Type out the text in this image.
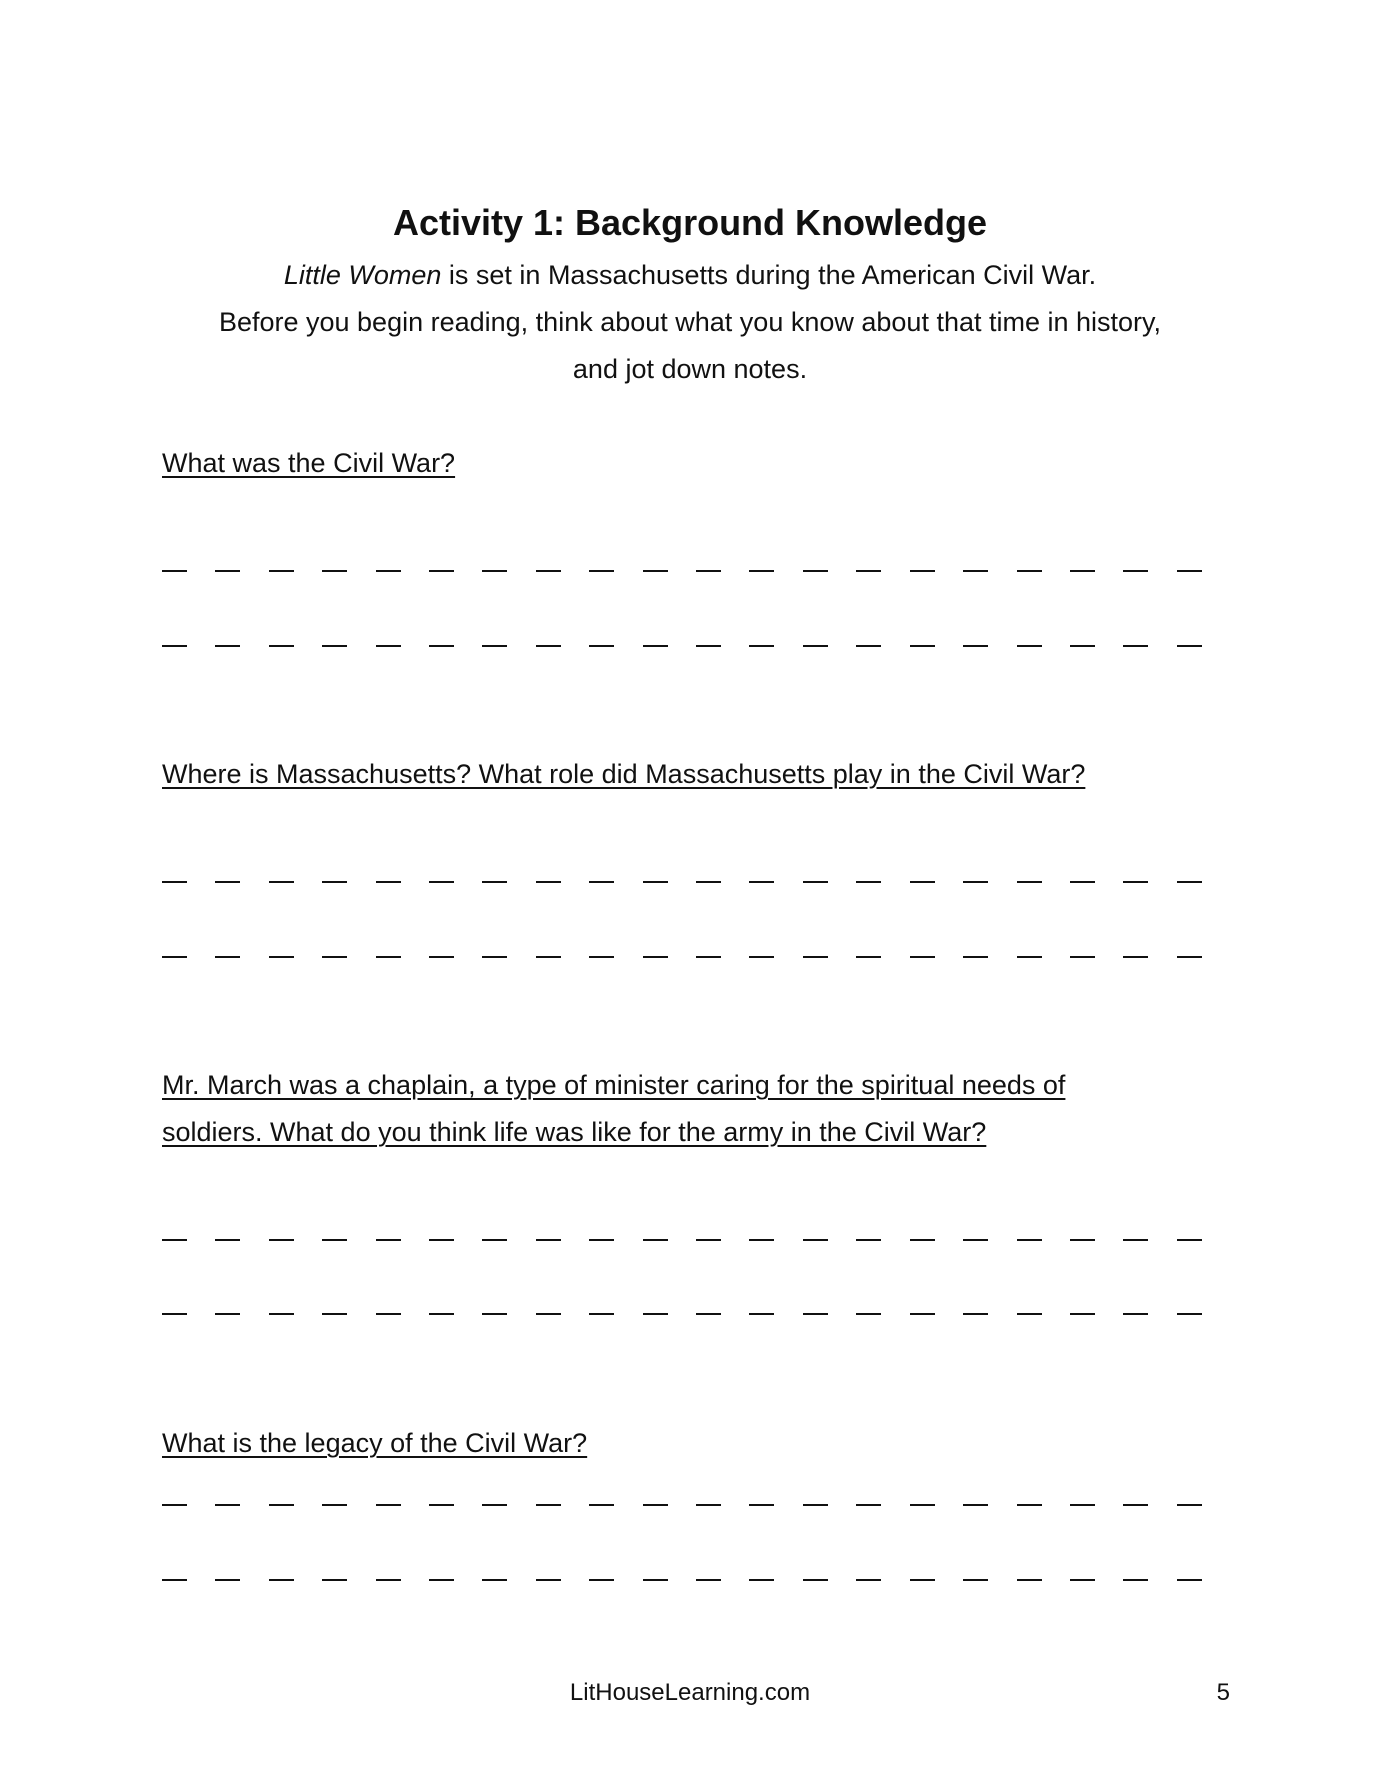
Activity 1: Background Knowledge
Little Women is set in Massachusetts during the American Civil War.
Before you begin reading, think about what you know about that time in history,
and jot down notes.
What was the Civil War?
Where is Massachusetts? What role did Massachusetts play in the Civil War?
Mr. March was a chaplain, a type of minister caring for the spiritual needs of
soldiers. What do you think life was like for the army in the Civil War?
What is the legacy of the Civil War?
LitHouseLearning.com	5
